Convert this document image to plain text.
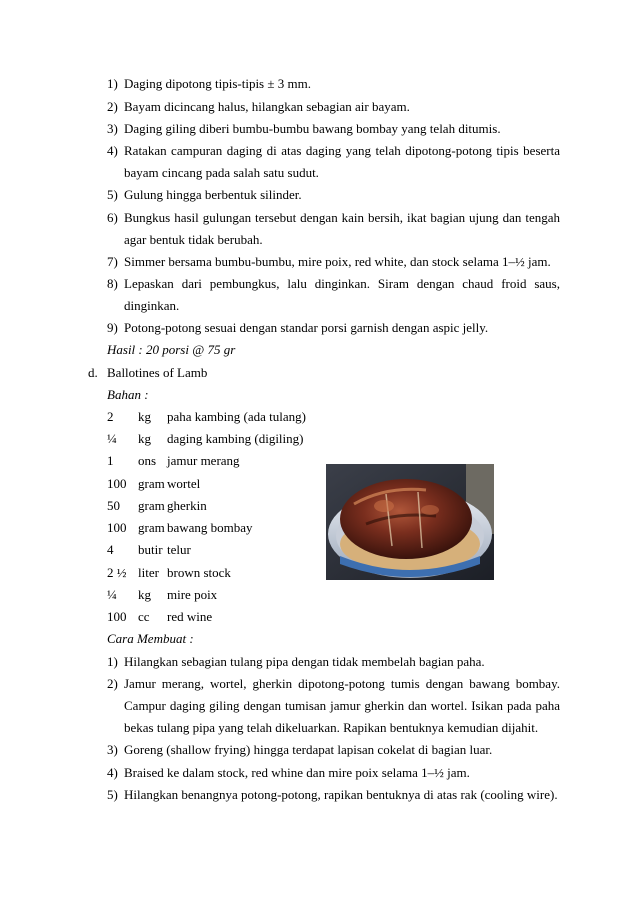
1) Daging dipotong tipis-tipis ± 3 mm.
2) Bayam dicincang halus, hilangkan sebagian air bayam.
3) Daging giling diberi bumbu-bumbu bawang bombay yang telah ditumis.
4) Ratakan campuran daging di atas daging yang telah dipotong-potong tipis beserta
bayam cincang pada salah satu sudut.
5) Gulung hingga berbentuk silinder.
6) Bungkus hasil gulungan tersebut dengan kain bersih, ikat bagian ujung dan tengah
agar bentuk tidak berubah.
7) Simmer bersama bumbu-bumbu, mire poix, red white, dan stock selama 1–½ jam.
8) Lepaskan dari pembungkus, lalu dinginkan. Siram dengan chaud froid saus,
dinginkan.
9) Potong-potong sesuai dengan standar porsi garnish dengan aspic jelly.
Hasil : 20 porsi @ 75 gr
d. Ballotines of Lamb
Bahan :
2 kg paha kambing (ada tulang)
¼ kg daging kambing (digiling)
1 ons jamur merang
100 gram wortel
50 gram gherkin
100 gram bawang bombay
4 butir telur
2 ½ liter brown stock
¼ kg mire poix
100 cc red wine
Cara Membuat :
1) Hilangkan sebagian tulang pipa dengan tidak membelah bagian paha.
2) Jamur merang, wortel, gherkin dipotong-potong tumis dengan bawang bombay.
Campur daging giling dengan tumisan jamur gherkin dan wortel. Isikan pada paha
bekas tulang pipa yang telah dikeluarkan. Rapikan bentuknya kemudian dijahit.
3) Goreng (shallow frying) hingga terdapat lapisan cokelat di bagian luar.
4) Braised ke dalam stock, red whine dan mire poix selama 1–½ jam.
5) Hilangkan benangnya potong-potong, rapikan bentuknya di atas rak (cooling wire).
